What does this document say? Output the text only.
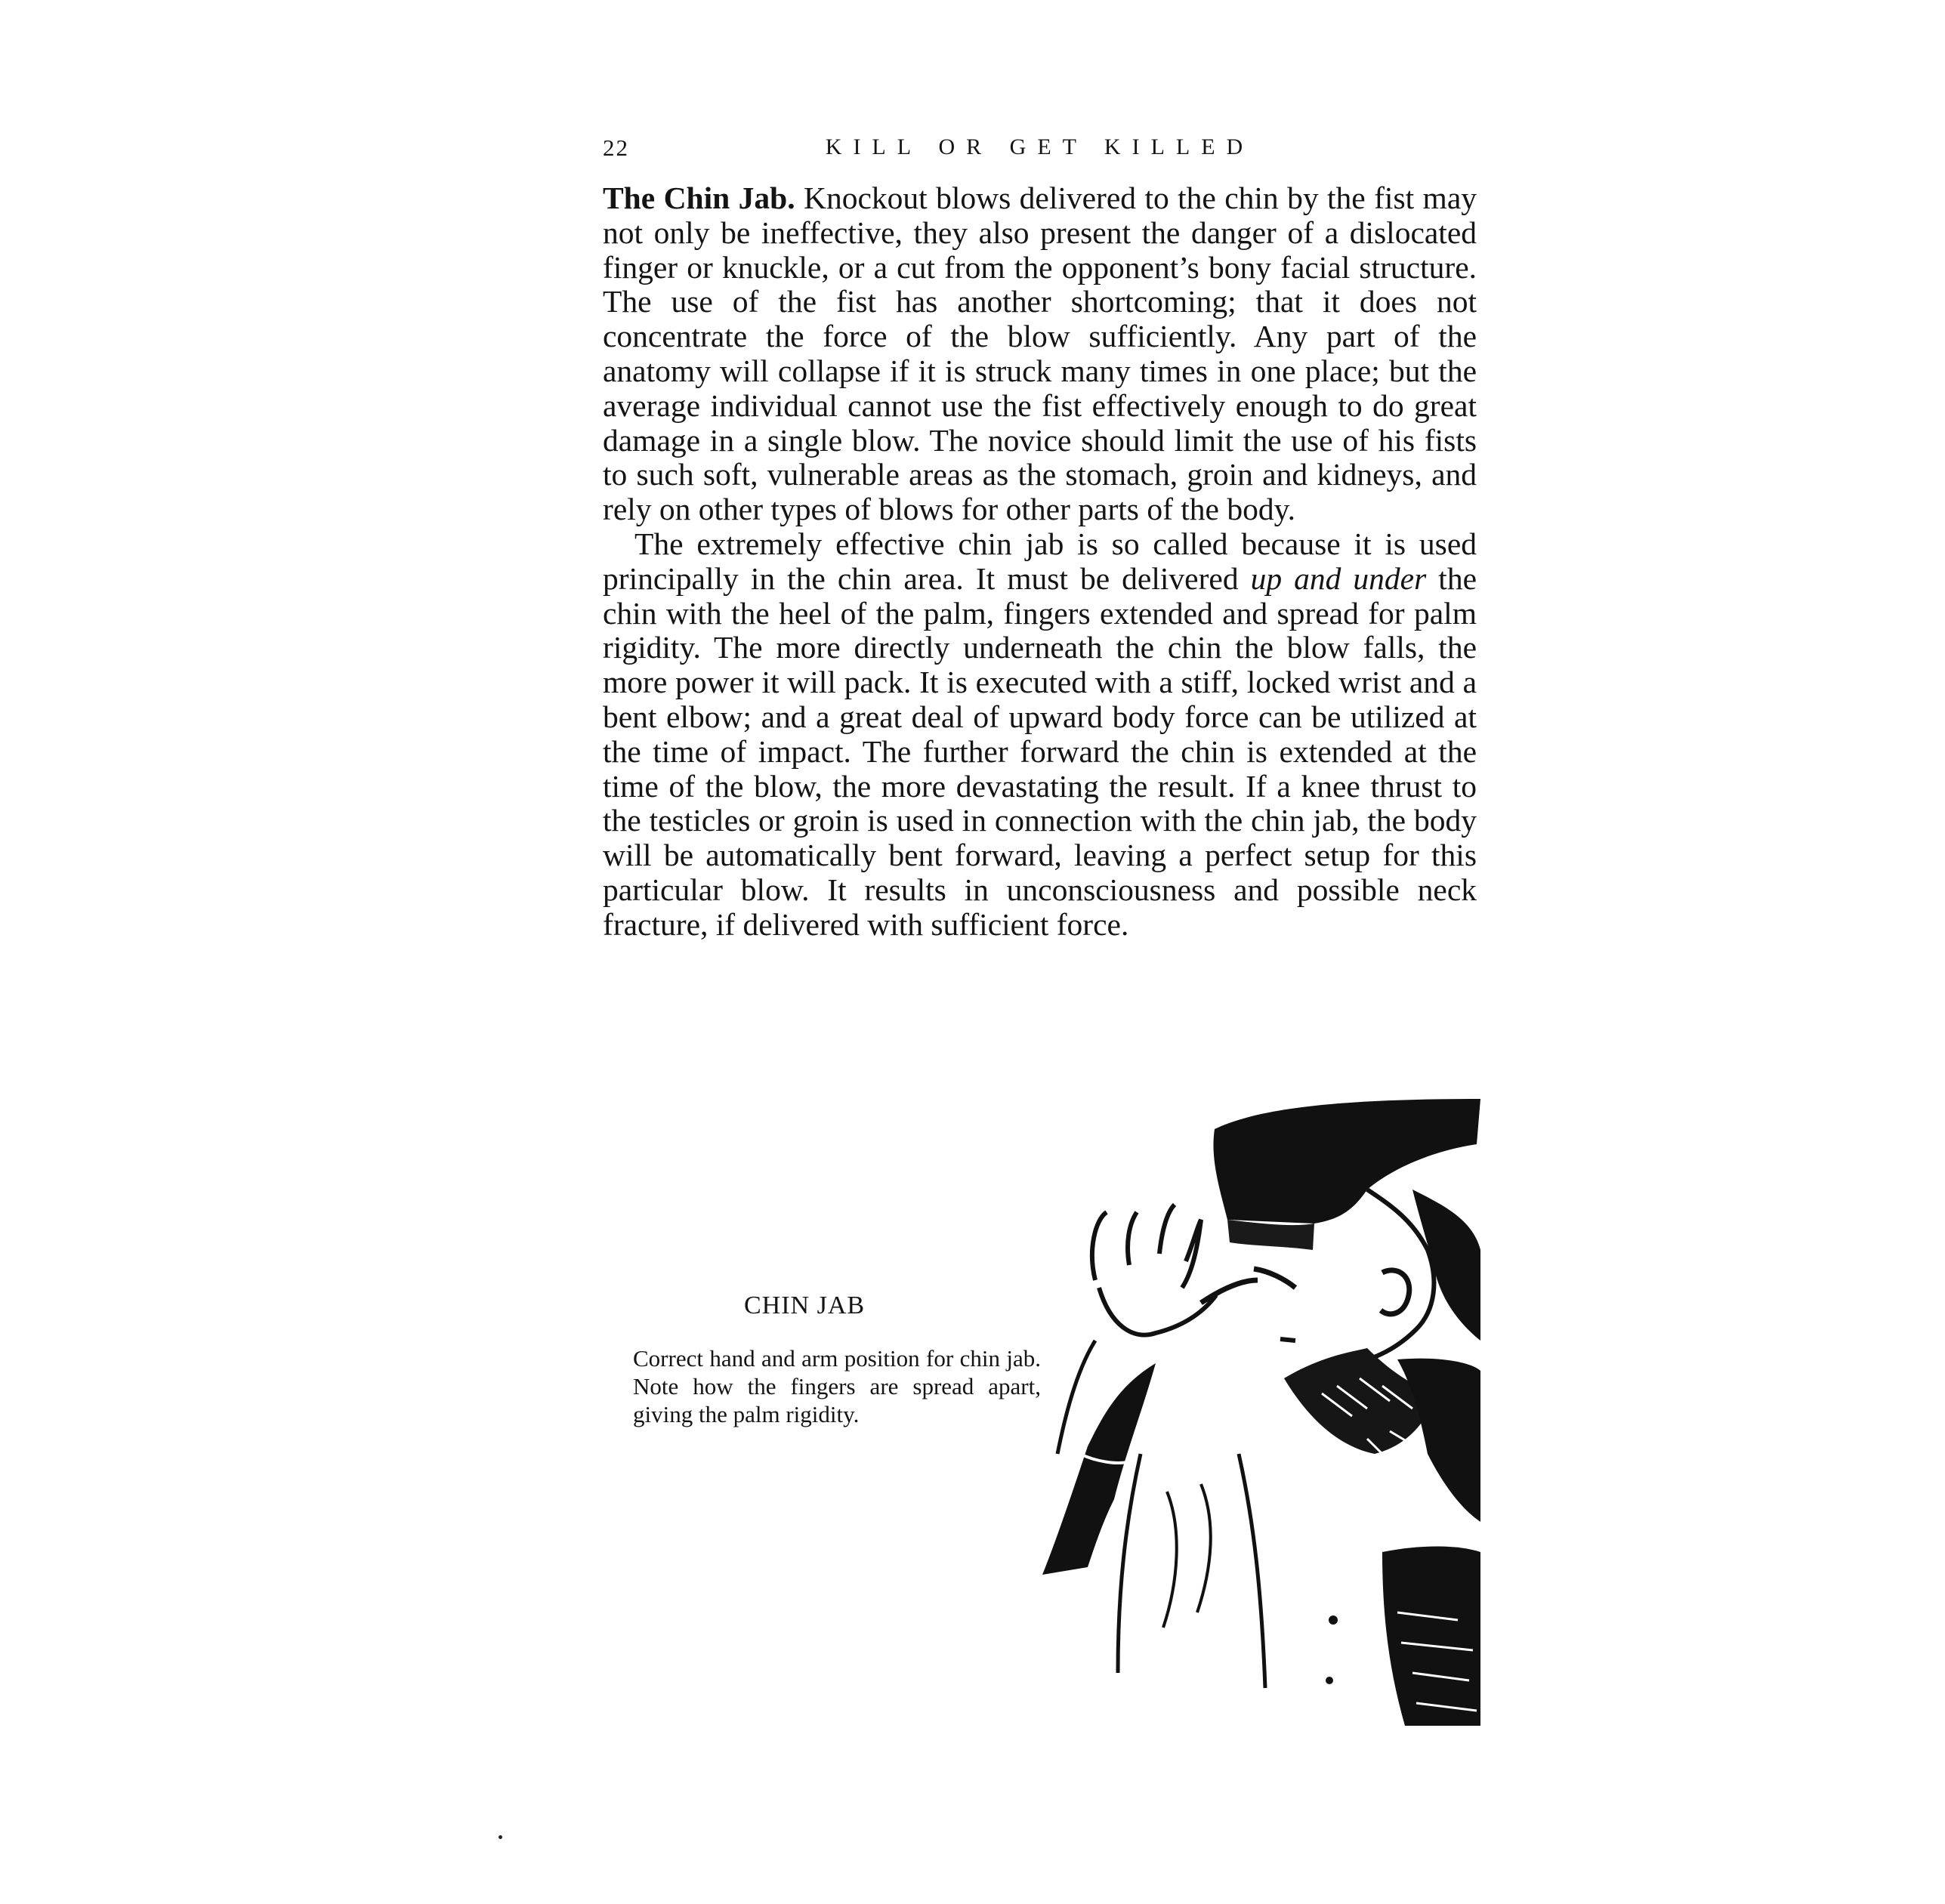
22	KILL OR GET KILLED

The Chin Jab. Knockout blows delivered to the chin by the fist may not only be ineffective, they also present the danger of a dislocated finger or knuckle, or a cut from the opponent’s bony facial structure. The use of the fist has another shortcoming; that it does not concentrate the force of the blow sufficiently. Any part of the anatomy will collapse if it is struck many times in one place; but the average individual cannot use the fist effectively enough to do great damage in a single blow. The novice should limit the use of his fists to such soft, vulnerable areas as the stomach, groin and kidneys, and rely on other types of blows for other parts of the body.

The extremely effective chin jab is so called because it is used principally in the chin area. It must be delivered up and under the chin with the heel of the palm, fingers extended and spread for palm rigidity. The more directly underneath the chin the blow falls, the more power it will pack. It is executed with a stiff, locked wrist and a bent elbow; and a great deal of upward body force can be utilized at the time of impact. The further forward the chin is extended at the time of the blow, the more devastating the result. If a knee thrust to the testicles or groin is used in connection with the chin jab, the body will be automatically bent forward, leaving a perfect setup for this particular blow. It results in unconsciousness and possible neck fracture, if delivered with sufficient force.

CHIN JAB
Correct hand and arm position for chin jab. Note how the fingers are spread apart, giving the palm rigidity.
